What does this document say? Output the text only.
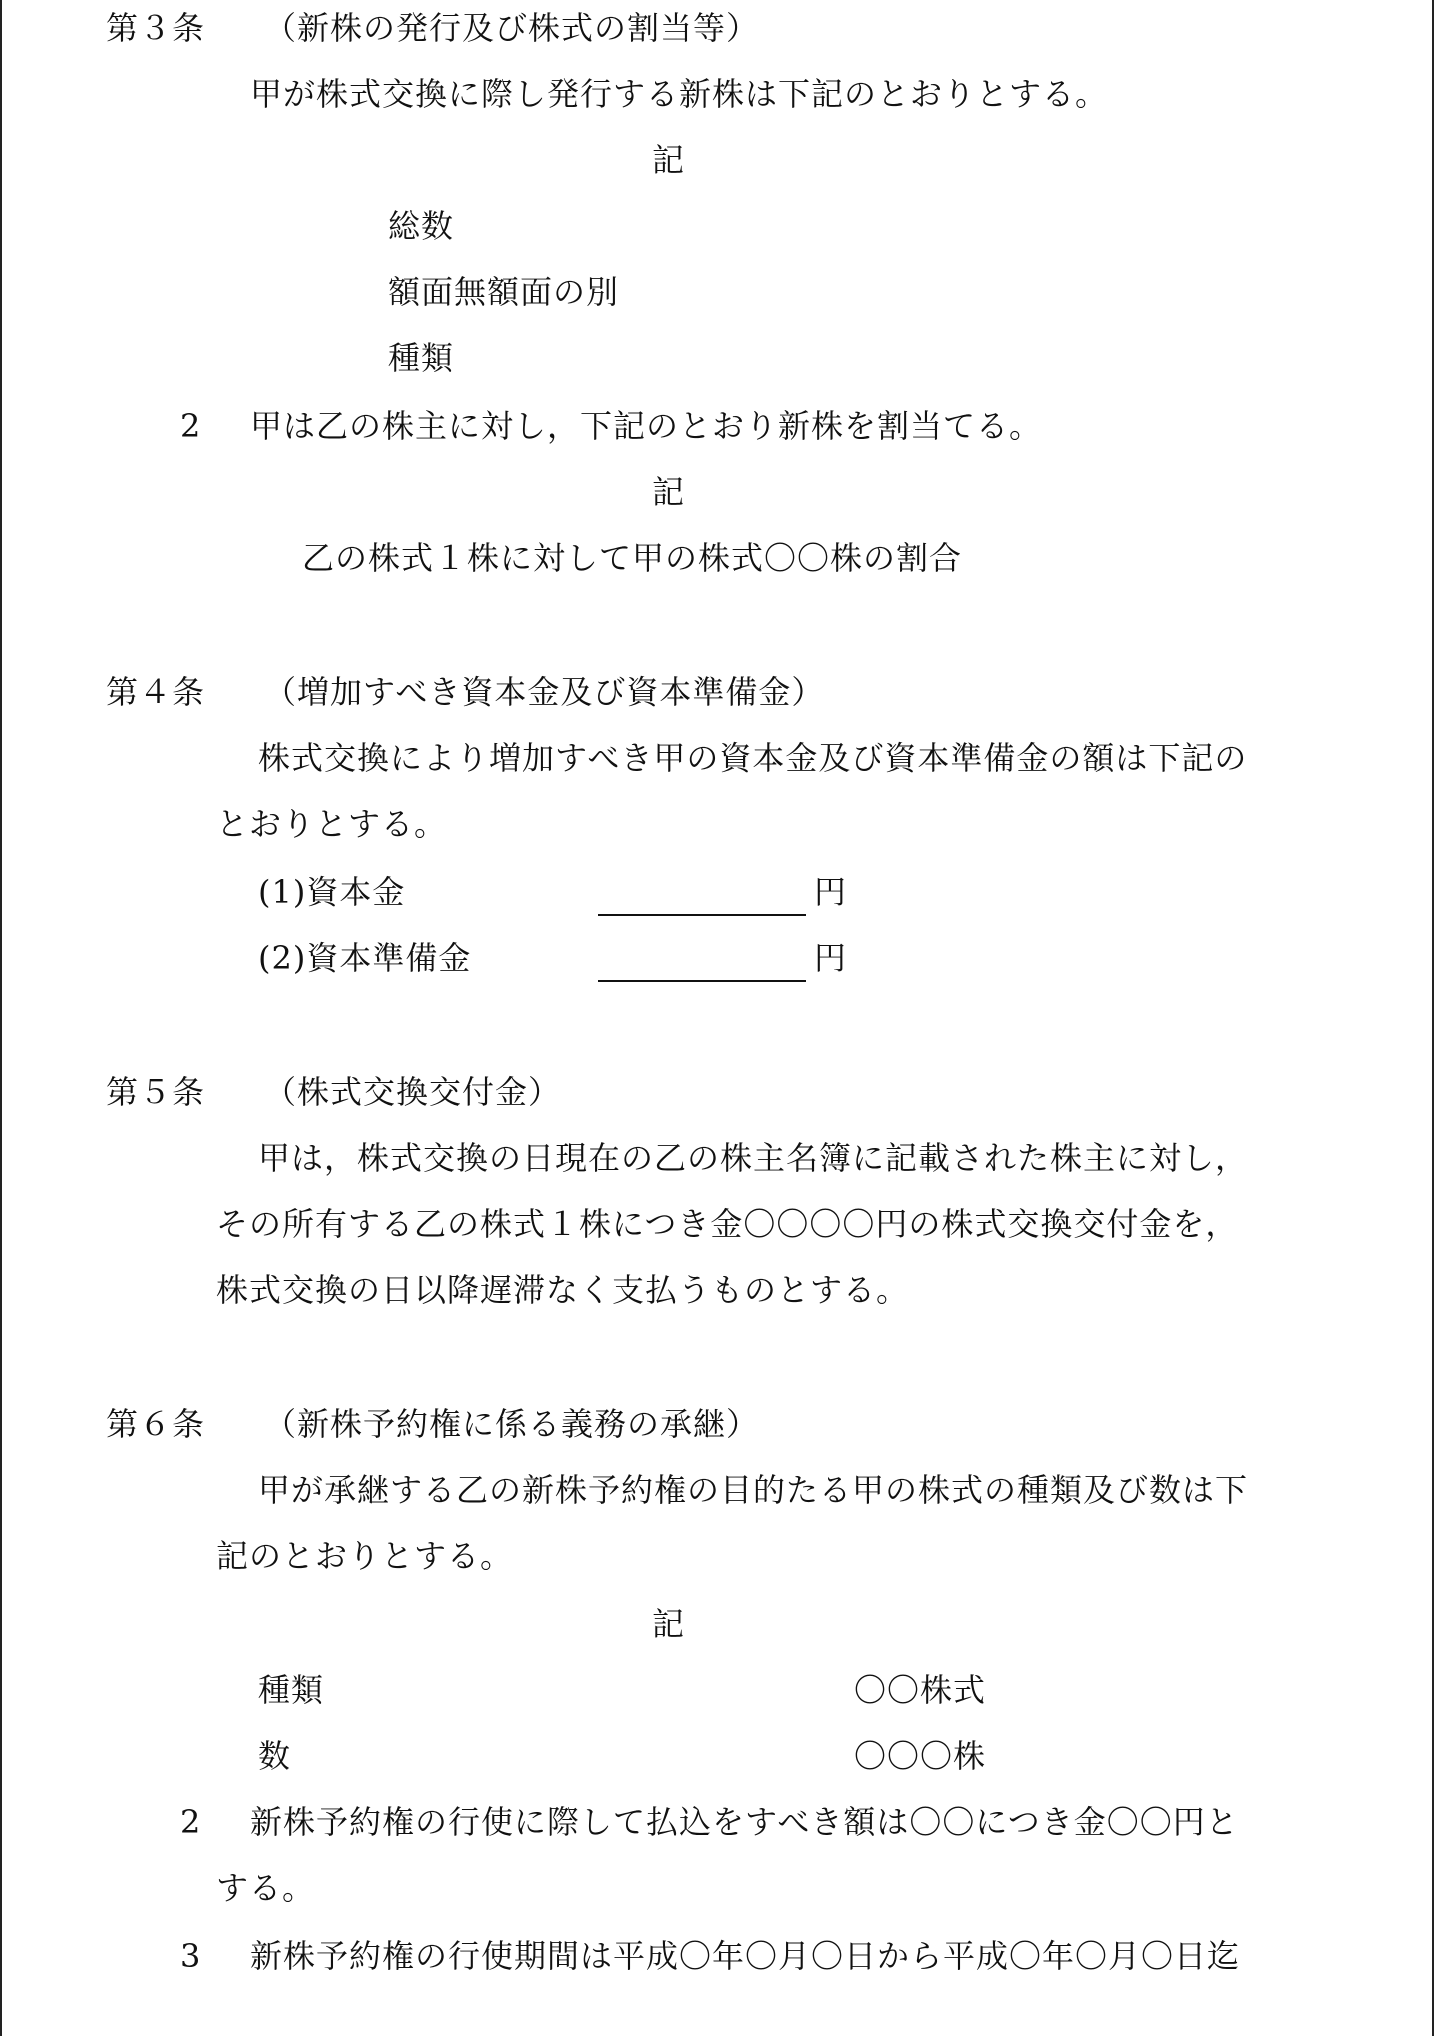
第３条 （新株の発行及び株式の割当等）
甲が株式交換に際し発行する新株は下記のとおりとする。
記
総数
額面無額面の別
種類
2 甲は乙の株主に対し，下記のとおり新株を割当てる。
記
乙の株式１株に対して甲の株式〇〇株の割合
第４条 （増加すべき資本金及び資本準備金）
株式交換により増加すべき甲の資本金及び資本準備金の額は下記の
とおりとする。
(1)資本金	円
(2)資本準備金	円
第５条 （株式交換交付金）
甲は，株式交換の日現在の乙の株主名簿に記載された株主に対し，
その所有する乙の株式１株につき金〇〇〇〇円の株式交換交付金を，
株式交換の日以降遅滞なく支払うものとする。
第６条 （新株予約権に係る義務の承継）
甲が承継する乙の新株予約権の目的たる甲の株式の種類及び数は下
記のとおりとする。
記
種類	〇〇株式
数	〇〇〇株
2 新株予約権の行使に際して払込をすべき額は〇〇につき金〇〇円と
する。
3 新株予約権の行使期間は平成〇年〇月〇日から平成〇年〇月〇日迄
